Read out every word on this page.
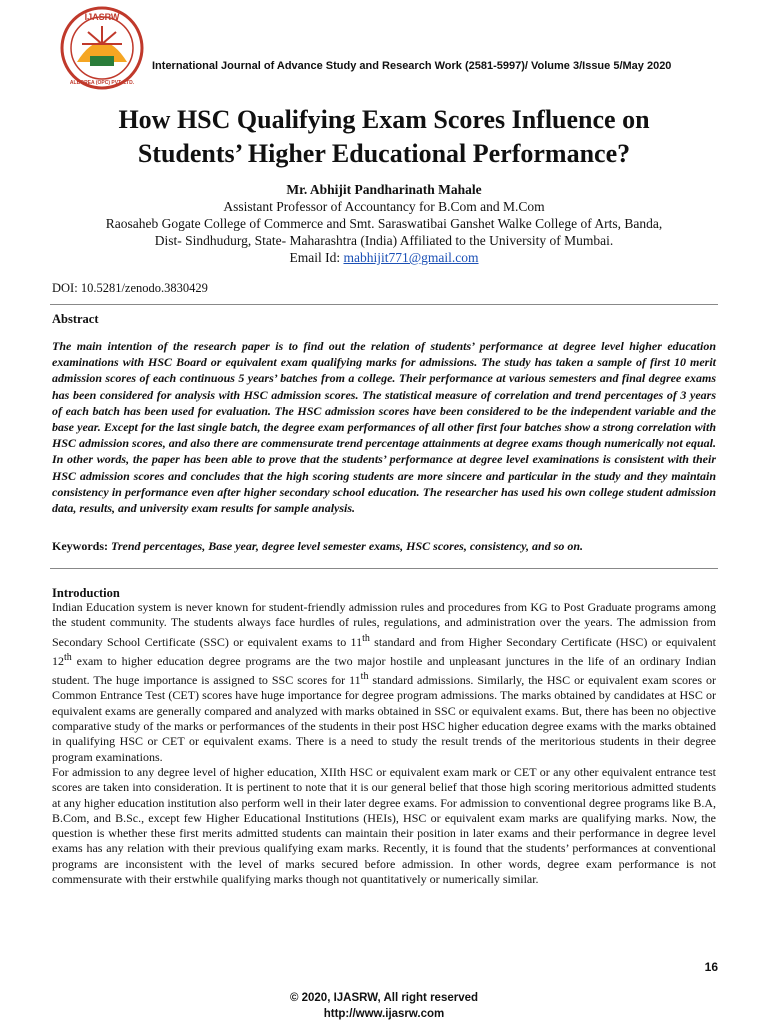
IJASRW
ALBOREA (OPC) PVT. LTD.
International Journal of Advance Study and Research Work (2581-5997)/ Volume 3/Issue 5/May 2020
How HSC Qualifying Exam Scores Influence on
Students’ Higher Educational Performance?
Mr. Abhijit Pandharinath Mahale
Assistant Professor of Accountancy for B.Com and M.Com
Raosaheb Gogate College of Commerce and Smt. Saraswatibai Ganshet Walke College of Arts, Banda,
Dist- Sindhudurg, State- Maharashtra (India) Affiliated to the University of Mumbai.
Email Id: mabhijit771@gmail.com
DOI: 10.5281/zenodo.3830429
Abstract
The main intention of the research paper is to find out the relation of students’ performance at degree level higher education examinations with HSC Board or equivalent exam qualifying marks for admissions. The study has taken a sample of first 10 merit admission scores of each continuous 5 years’ batches from a college. Their performance at various semesters and final degree exams has been considered for analysis with HSC admission scores. The statistical measure of correlation and trend percentages of 3 years of each batch has been used for evaluation. The HSC admission scores have been considered to be the independent variable and the base year. Except for the last single batch, the degree exam performances of all other first four batches show a strong correlation with HSC admission scores, and also there are commensurate trend percentage attainments at degree exams though numerically not equal. In other words, the paper has been able to prove that the students’ performance at degree level examinations is consistent with their HSC admission scores and concludes that the high scoring students are more sincere and particular in the study and they maintain consistency in performance even after higher secondary school education. The researcher has used his own college student admission data, results, and university exam results for sample analysis.
Keywords: Trend percentages, Base year, degree level semester exams, HSC scores, consistency, and so on.
Introduction

Indian Education system is never known for student-friendly admission rules and procedures from KG to Post Graduate programs among the student community. The students always face hurdles of rules, regulations, and administration over the years. The admission from Secondary School Certificate (SSC) or equivalent exams to 11th standard and from Higher Secondary Certificate (HSC) or equivalent 12th exam to higher education degree programs are the two major hostile and unpleasant junctures in the life of an ordinary Indian student. The huge importance is assigned to SSC scores for 11th standard admissions. Similarly, the HSC or equivalent exam scores or Common Entrance Test (CET) scores have huge importance for degree program admissions. The marks obtained by candidates at HSC or equivalent exams are generally compared and analyzed with marks obtained in SSC or equivalent exams. But, there has been no objective comparative study of the marks or performances of the students in their post HSC higher education degree exams with the marks obtained in qualifying HSC or CET or equivalent exams. There is a need to study the result trends of the meritorious students in their degree program examinations.

For admission to any degree level of higher education, XIIth HSC or equivalent exam mark or CET or any other equivalent entrance test scores are taken into consideration. It is pertinent to note that it is our general belief that those high scoring meritorious admitted students at any higher education institution also perform well in their later degree exams. For admission to conventional degree programs like B.A, B.Com, and B.Sc., except few Higher Educational Institutions (HEIs), HSC or equivalent exam marks are qualifying marks. Now, the question is whether these first merits admitted students can maintain their position in later exams and their performance in degree level exams has any relation with their previous qualifying exam marks. Recently, it is found that the students’ performances at conventional programs are inconsistent with the level of marks secured before admission. In other words, degree exam performance is not commensurate with their erstwhile qualifying marks though not quantitatively or numerically similar.

16
© 2020, IJASRW, All right reserved
http://www.ijasrw.com
